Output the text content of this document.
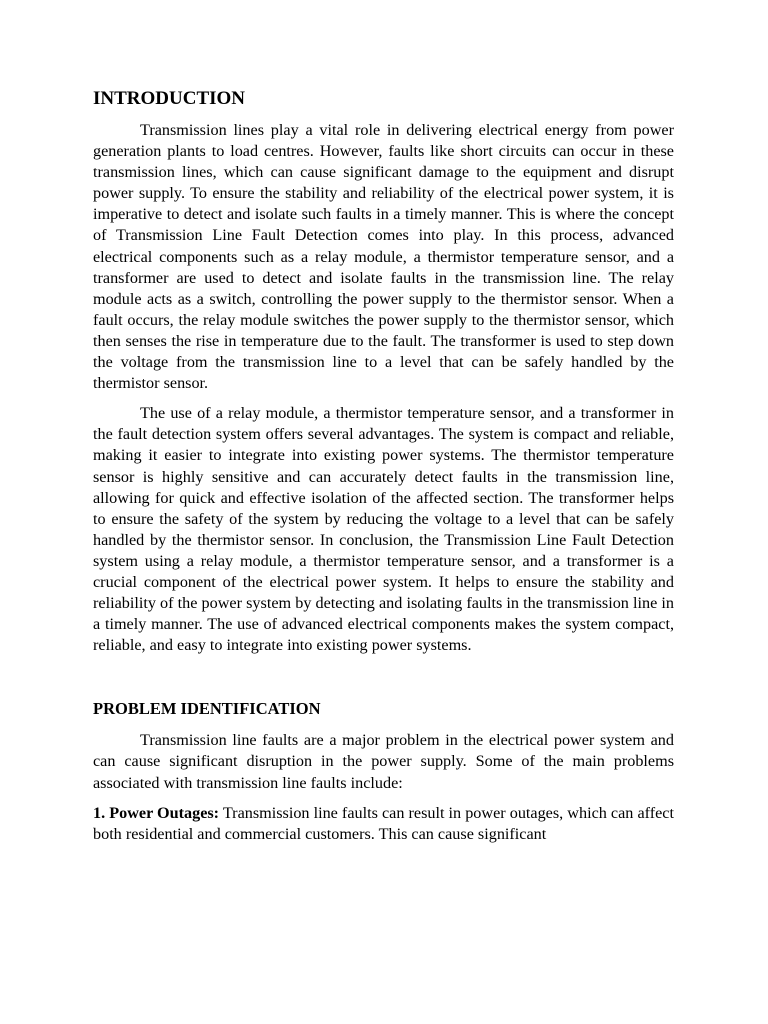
INTRODUCTION

Transmission lines play a vital role in delivering electrical energy from power generation plants to load centres. However, faults like short circuits can occur in these transmission lines, which can cause significant damage to the equipment and disrupt power supply. To ensure the stability and reliability of the electrical power system, it is imperative to detect and isolate such faults in a timely manner. This is where the concept of Transmission Line Fault Detection comes into play. In this process, advanced electrical components such as a relay module, a thermistor temperature sensor, and a transformer are used to detect and isolate faults in the transmission line. The relay module acts as a switch, controlling the power supply to the thermistor sensor. When a fault occurs, the relay module switches the power supply to the thermistor sensor, which then senses the rise in temperature due to the fault. The transformer is used to step down the voltage from the transmission line to a level that can be safely handled by the thermistor sensor.

The use of a relay module, a thermistor temperature sensor, and a transformer in the fault detection system offers several advantages. The system is compact and reliable, making it easier to integrate into existing power systems. The thermistor temperature sensor is highly sensitive and can accurately detect faults in the transmission line, allowing for quick and effective isolation of the affected section. The transformer helps to ensure the safety of the system by reducing the voltage to a level that can be safely handled by the thermistor sensor. In conclusion, the Transmission Line Fault Detection system using a relay module, a thermistor temperature sensor, and a transformer is a crucial component of the electrical power system. It helps to ensure the stability and reliability of the power system by detecting and isolating faults in the transmission line in a timely manner. The use of advanced electrical components makes the system compact, reliable, and easy to integrate into existing power systems.

PROBLEM IDENTIFICATION

Transmission line faults are a major problem in the electrical power system and can cause significant disruption in the power supply. Some of the main problems associated with transmission line faults include:

1. Power Outages: Transmission line faults can result in power outages, which can affect both residential and commercial customers. This can cause significant
